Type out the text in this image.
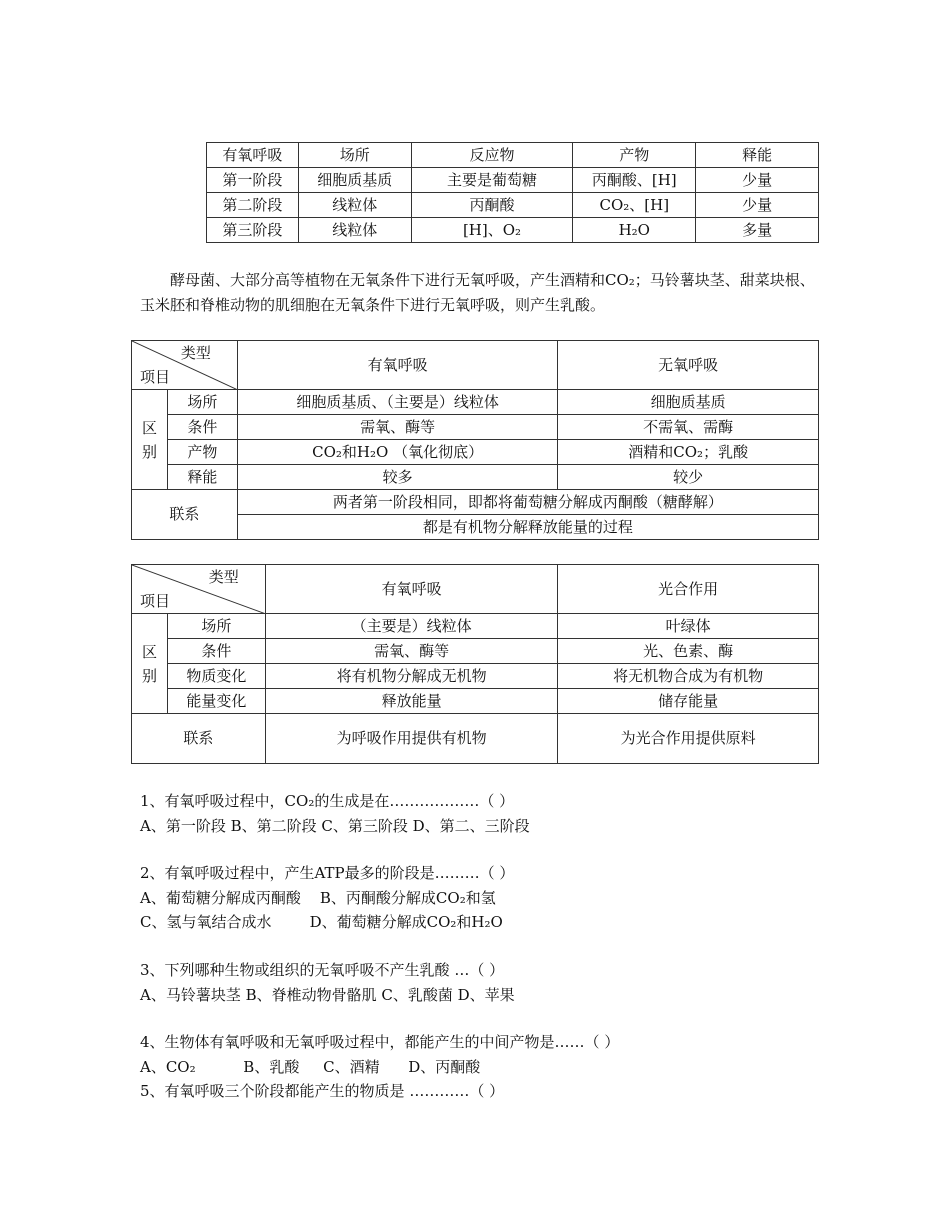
有氧呼吸	场所	反应物	产物	释能
第一阶段	细胞质基质	主要是葡萄糖	丙酮酸、[H]	少量
第二阶段	线粒体	丙酮酸	CO₂、[H]	少量
第三阶段	线粒体	[H]、O₂	H₂O	多量

酵母菌、大部分高等植物在无氧条件下进行无氧呼吸，产生酒精和CO₂；马铃薯块茎、甜菜块根、玉米胚和脊椎动物的肌细胞在无氧条件下进行无氧呼吸，则产生乳酸。

类型
项目		有氧呼吸	无氧呼吸
区
别	场所	细胞质基质、（主要是）线粒体	细胞质基质
	条件	需氧、酶等	不需氧、需酶
	产物	CO₂和H₂O （氧化彻底）	酒精和CO₂；乳酸
	释能	较多	较少
联系		两者第一阶段相同，即都将葡萄糖分解成丙酮酸（糖酵解）	
		都是有机物分解释放能量的过程	
类型
项目		有氧呼吸	光合作用
区
别	场所	（主要是）线粒体	叶绿体
	条件	需氧、酶等	光、色素、酶
	物质变化	将有机物分解成无机物	将无机物合成为有机物
	能量变化	释放能量	储存能量
联系		为呼吸作用提供有机物	为光合作用提供原料

1、有氧呼吸过程中，CO₂的生成是在………………（ ）

A、第一阶段 B、第二阶段 C、第三阶段 D、第二、三阶段

2、有氧呼吸过程中，产生ATP最多的阶段是………（ ）

A、葡萄糖分解成丙酮酸    B、丙酮酸分解成CO₂和氢

C、氢与氧结合成水        D、葡萄糖分解成CO₂和H₂O

3、下列哪种生物或组织的无氧呼吸不产生乳酸 …（ ）

A、马铃薯块茎 B、脊椎动物骨骼肌 C、乳酸菌 D、苹果

4、生物体有氧呼吸和无氧呼吸过程中，都能产生的中间产物是……（ ）

A、CO₂          B、乳酸     C、酒精      D、丙酮酸

5、有氧呼吸三个阶段都能产生的物质是 …………（ ）
